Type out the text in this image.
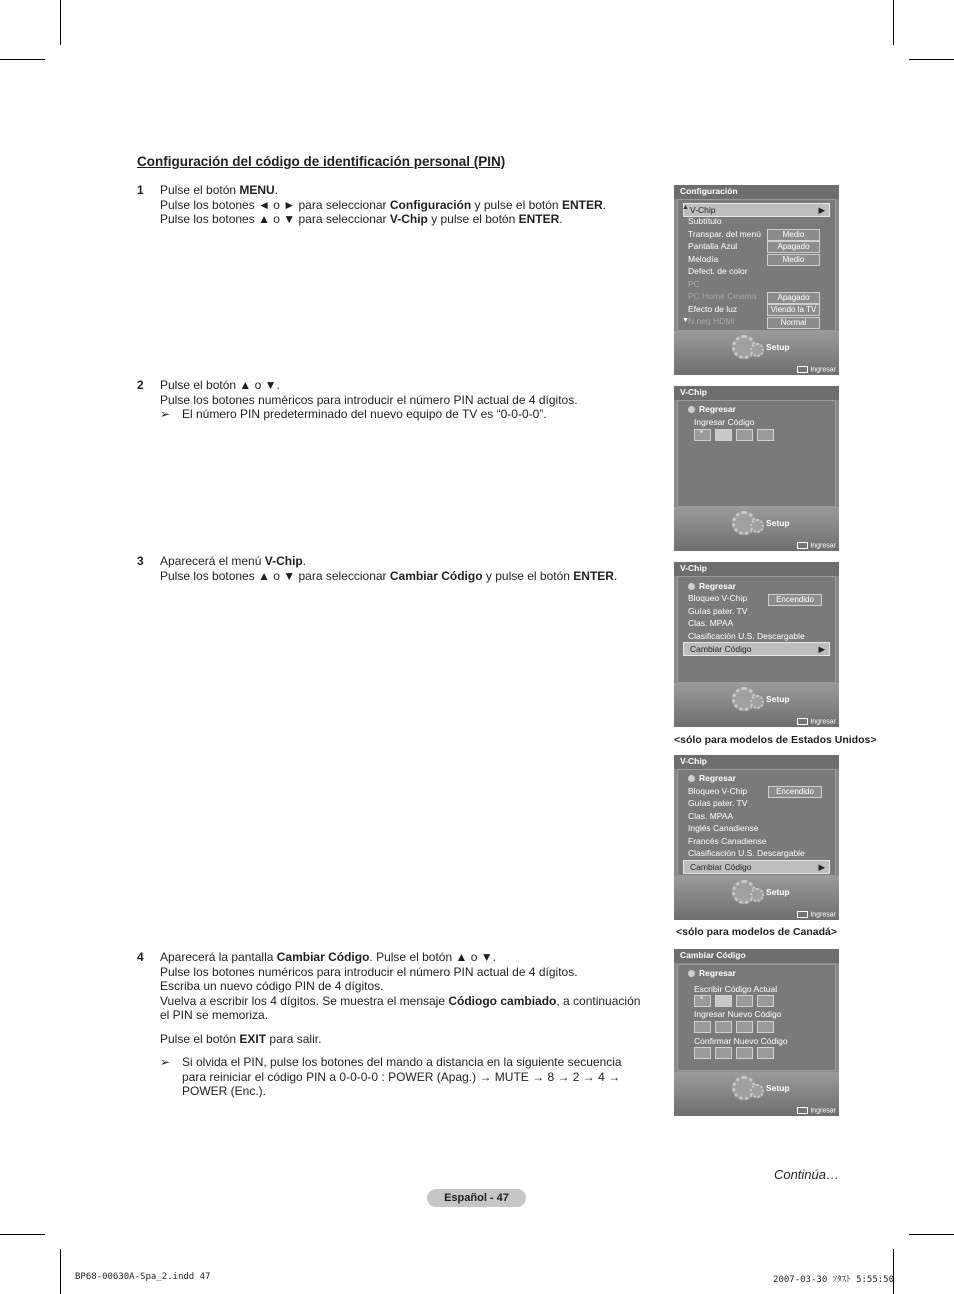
Configuración del código de identificación personal (PIN)
1 Pulse el botón MENU.
Pulse los botones ◄ o ► para seleccionar Configuración y pulse el botón ENTER.
Pulse los botones ▲ o ▼ para seleccionar V-Chip y pulse el botón ENTER.
2 Pulse el botón ▲ o ▼.
Pulse los botones numéricos para introducir el número PIN actual de 4 dígitos.
➢ El número PIN predeterminado del nuevo equipo de TV es “0-0-0-0”.
3 Aparecerá el menú V-Chip.
Pulse los botones ▲ o ▼ para seleccionar Cambiar Código y pulse el botón ENTER.
4 Aparecerá la pantalla Cambiar Código. Pulse el botón ▲ o ▼.
Pulse los botones numéricos para introducir el número PIN actual de 4 dígitos.
Escriba un nuevo código PIN de 4 dígitos.
Vuelva a escribir los 4 dígitos. Se muestra el mensaje Códiogo cambiado, a continuación
el PIN se memoriza.
Pulse el botón EXIT para salir.
➢ Si olvida el PIN, pulse los botones del mando a distancia en la siguiente secuencia
para reiniciar el código PIN a 0-0-0-0 : POWER (Apag.) → MUTE → 8 → 2 → 4 →
POWER (Enc.).
Configuración
V-Chip	▶
▲
Subtítulo
Transpar. del menú	Medio
Pantalla Azul	Apagado
Melodía	Medio
Defect. de color
PC
PC Home Cinema	Apagado
Efecto de luz	Viendo la TV
N.neg HDMI	Normal
▼
Setup
Ingresar
V-Chip
Regresar
Ingresar Código
*
Setup
Ingresar
V-Chip
Regresar
Bloqueo V-Chip	Encendido
Guías pater. TV
Clas. MPAA
Clasificación U.S. Descargable
Cambiar Código	▶
Setup
Ingresar
<sólo para modelos de Estados Unidos>
V-Chip
Regresar
Bloqueo V-Chip	Encendido
Guías pater. TV
Clas. MPAA
Inglés Canadiense
Francés Canadiense
Clasificación U.S. Descargable
Cambiar Código	▶
Setup
Ingresar
<sólo para modelos de Canadá>
Cambiar Código
Regresar
Escribir Código Actual
*
Ingresar Nuevo Código
Confirmar Nuevo Código
Setup
Ingresar
Continúa…
Español - 47
BP68-00630A-Spa_2.indd 47	2007-03-30 ｿﾀｽﾄ 5:55:50
